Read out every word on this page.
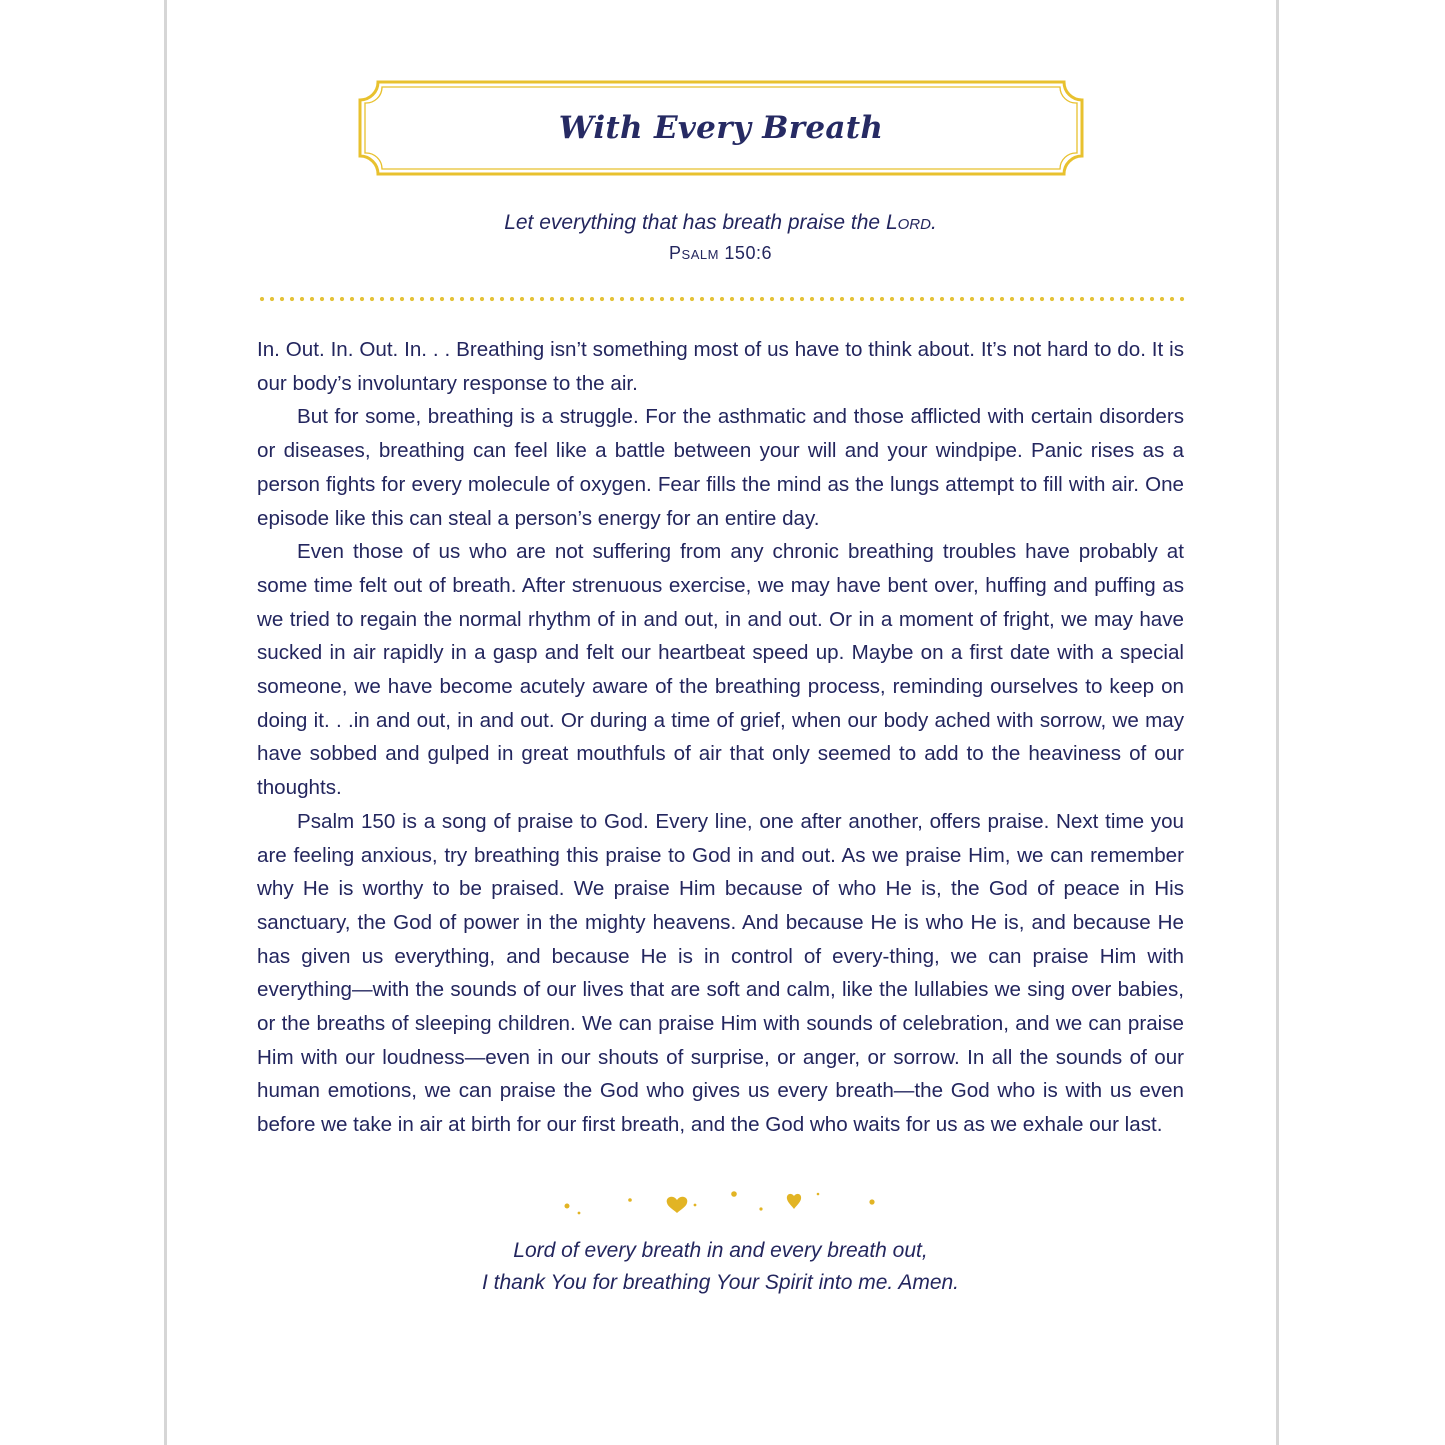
With Every Breath
Let everything that has breath praise the Lord.
Psalm 150:6

In. Out. In. Out. In. . . Breathing isn’t something most of us have to think about. It’s not hard to do. It is our body’s involuntary response to the air.

But for some, breathing is a struggle. For the asthmatic and those afflicted with certain disorders or diseases, breathing can feel like a battle between your will and your windpipe. Panic rises as a person fights for every molecule of oxygen. Fear fills the mind as the lungs attempt to fill with air. One episode like this can steal a person’s energy for an entire day.

Even those of us who are not suffering from any chronic breathing troubles have probably at some time felt out of breath. After strenuous exercise, we may have bent over, huffing and puffing as we tried to regain the normal rhythm of in and out, in and out. Or in a moment of fright, we may have sucked in air rapidly in a gasp and felt our heartbeat speed up. Maybe on a first date with a special someone, we have become acutely aware of the breathing process, reminding ourselves to keep on doing it. . .in and out, in and out. Or during a time of grief, when our body ached with sorrow, we may have sobbed and gulped in great mouthfuls of air that only seemed to add to the heaviness of our thoughts.

Psalm 150 is a song of praise to God. Every line, one after another, offers praise. Next time you are feeling anxious, try breathing this praise to God in and out. As we praise Him, we can remember why He is worthy to be praised. We praise Him because of who He is, the God of peace in His sanctuary, the God of power in the mighty heavens. And because He is who He is, and because He has given us everything, and because He is in control of every-thing, we can praise Him with everything—with the sounds of our lives that are soft and calm, like the lullabies we sing over babies, or the breaths of sleeping children. We can praise Him with sounds of celebration, and we can praise Him with our loudness—even in our shouts of surprise, or anger, or sorrow. In all the sounds of our human emotions, we can praise the God who gives us every breath—the God who is with us even before we take in air at birth for our first breath, and the God who waits for us as we exhale our last.

Lord of every breath in and every breath out,
I thank You for breathing Your Spirit into me. Amen.
